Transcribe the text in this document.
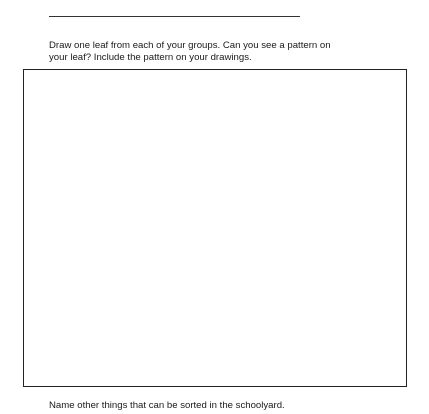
Draw one leaf from each of your groups. Can you see a pattern on
your leaf? Include the pattern on your drawings.

Name other things that can be sorted in the schoolyard.
